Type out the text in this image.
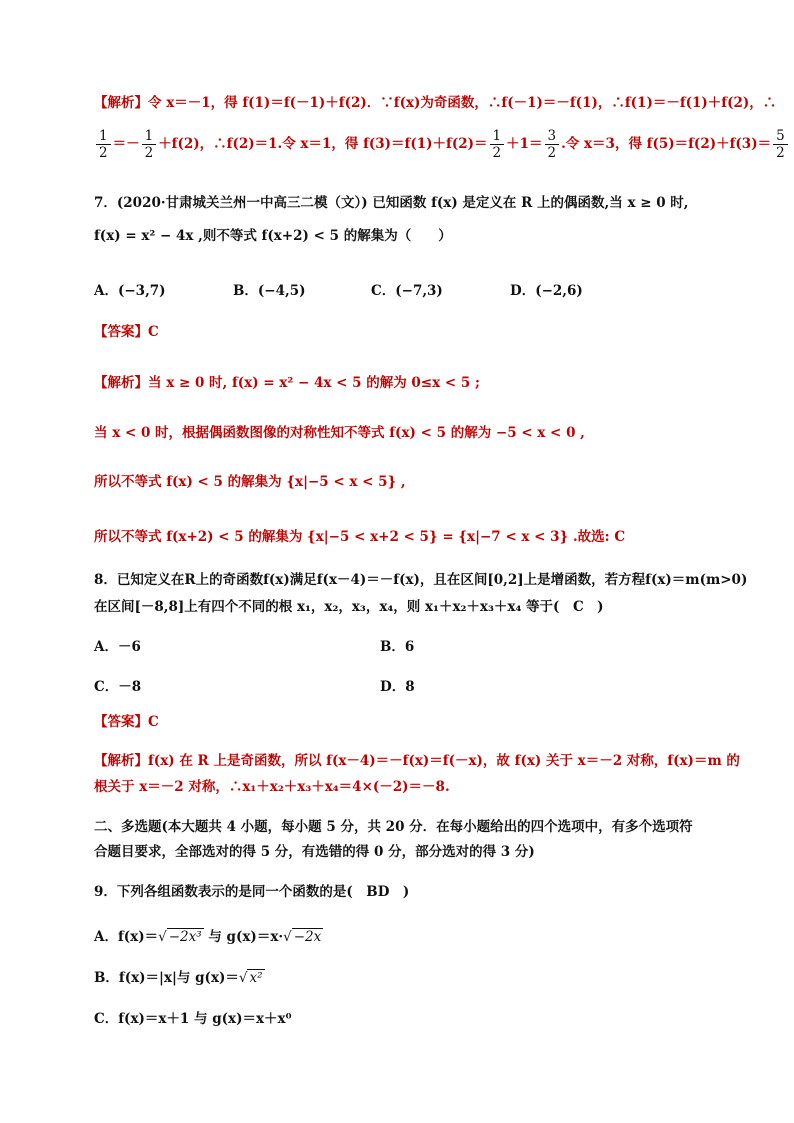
【解析】令 x＝－1，得 f(1)＝f(－1)＋f(2)．∵f(x)为奇函数，∴f(－1)＝－f(1)，∴f(1)＝－f(1)＋f(2)，∴
$\frac{1}{2} =- \frac{1}{2} +f(2)$，∴f(2)＝1.令 x＝1，得 $f(3)=f(1)+f(2)= \frac{1}{2} +1= \frac{3}{2}$ .令 x＝3，得 $f(5)=f(2)+f(3)= \frac{5}{2}$
7．(2020·甘肃城关兰州一中高三二模（文）) 已知函数 f(x) 是定义在 R 上的偶函数,当 x ≥ 0 时,
f(x) = x² − 4x ,则不等式 f(x+2) < 5 的解集为（　　）
A．(−3,7)	B．(−4,5)	C．(−7,3)	D．(−2,6)
【答案】C
【解析】当 x ≥ 0 时, f(x) = x² − 4x < 5 的解为 0≤x < 5 ;
当 x < 0 时，根据偶函数图像的对称性知不等式 f(x) < 5 的解为 −5 < x < 0 ,
所以不等式 f(x) < 5 的解集为 {x|−5 < x < 5} ,
所以不等式 f(x+2) < 5 的解集为 {x|−5 < x+2 < 5} = {x|−7 < x < 3} .故选: C
8．已知定义在R上的奇函数f(x)满足f(x－4)＝－f(x)，且在区间[0,2]上是增函数，若方程f(x)＝m(m>0)
在区间[－8,8]上有四个不同的根 x₁，x₂，x₃，x₄，则 x₁＋x₂＋x₃＋x₄ 等于(　C　)
A．－6	B．6
C．－8	D．8
【答案】C
【解析】f(x) 在 R 上是奇函数，所以 f(x－4)＝－f(x)＝f(－x)，故 f(x) 关于 x＝－2 对称，f(x)＝m 的
根关于 x＝－2 对称，∴x₁＋x₂＋x₃＋x₄＝4×(－2)＝－8.
二、多选题(本大题共 4 小题，每小题 5 分，共 20 分．在每小题给出的四个选项中，有多个选项符
合题目要求，全部选对的得 5 分，有选错的得 0 分，部分选对的得 3 分)
9．下列各组函数表示的是同一个函数的是(　BD　)
A．f(x)＝√ −2x³ 与 g(x)＝x·√ −2x
B．f(x)＝|x|与 g(x)＝√ x²
C．f(x)＝x＋1 与 g(x)＝x＋x⁰
